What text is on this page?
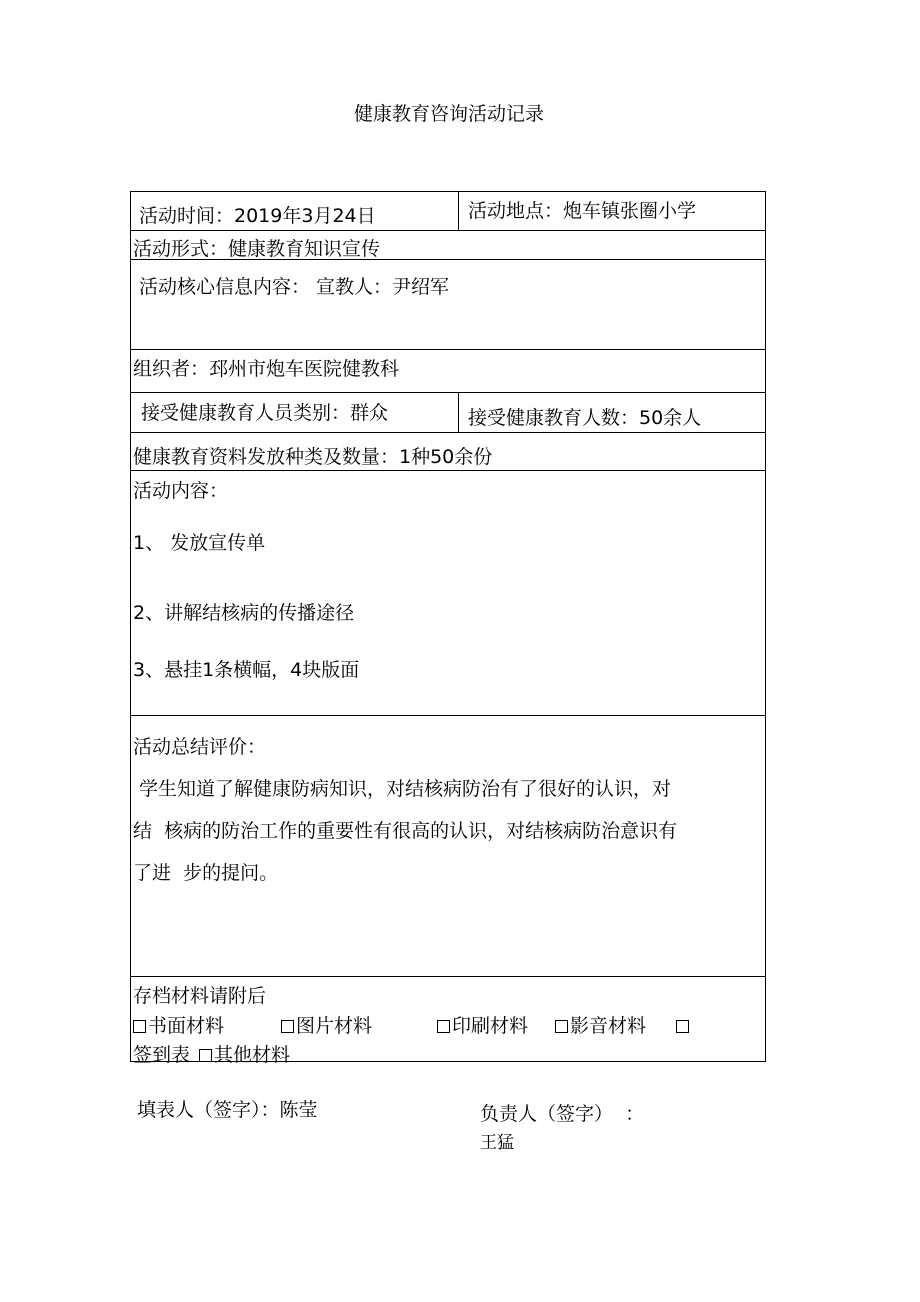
健康教育咨询活动记录
活动时间：2019年3月24日	活动地点：炮车镇张圈小学
活动形式：健康教育知识宣传
活动核心信息内容： 宣教人：尹绍军
组织者：邳州市炮车医院健教科
接受健康教育人员类别：群众	接受健康教育人数：50余人
健康教育资料发放种类及数量：1种50余份
活动内容：
1、 发放宣传单
2、讲解结核病的传播途径
3、悬挂1条横幅，4块版面
活动总结评价：
学生知道了解健康防病知识，对结核病防治有了很好的认识，对
结  核病的防治工作的重要性有很高的认识，对结核病防治意识有
了进  步的提问。
存档材料请附后
书面材料	图片材料	印刷材料	影音材料
签到表	其他材料
填表人（签字）：陈莹	负责人（签字）  ：
王猛
